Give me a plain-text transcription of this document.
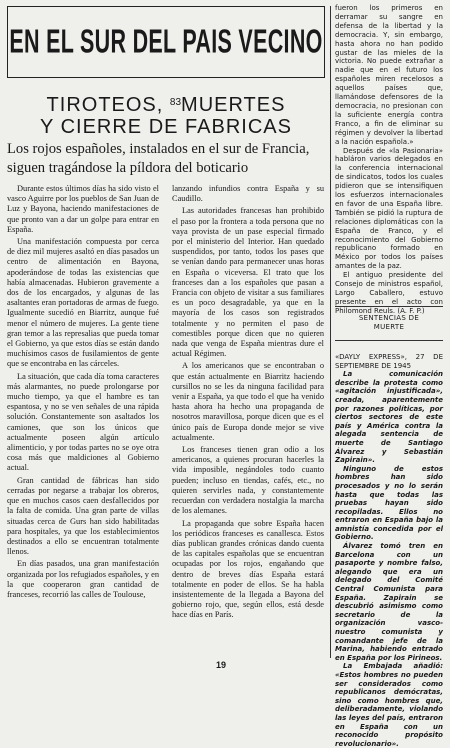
EN EL SUR DEL PAIS VECINO
TIROTEOS, $^{83}$MUERTES
Y CIERRE DE FABRICAS
Los rojos españoles, instalados en el sur de Francia, siguen tragándose la píldora del boticario

Durante estos últimos días ha sido visto el vasco Aguirre por los pueblos de San Juan de Luz y Bayona, haciendo manifestaciones de que pronto van a dar un golpe para entrar en España.

Una manifestación compuesta por cerca de diez mil mujeres asaltó en días pasados un centro de alimentación en Bayona, apoderándose de todas las existencias que había almacenadas. Hubieron gravemente a dos de los encargados, y algunas de las asaltantes eran portadoras de armas de fuego. Igualmente sucedió en Biarritz, aunque fué menor el número de mujeres. La gente tiene gran temor a las represalias que pueda tomar el Gobierno, ya que estos días se están dando muchísimos casos de fusilamientos de gente que se encontraba en las cárceles.

La situación, que cada día toma caracteres más alarmantes, no puede prolongarse por mucho tiempo, ya que el hambre es tan espantosa, y no se ven señales de una rápida solución. Constantemente son asaltados los camiones, que son los únicos que actualmente poseen algún artículo alimenticio, y por todas partes no se oye otra cosa más que maldiciones al Gobierno actual.

Gran cantidad de fábricas han sido cerradas por negarse a trabajar los obreros, que en muchos casos caen desfallecidos por la falta de comida. Una gran parte de villas situadas cerca de Gurs han sido habilitadas para hospitales, ya que los establecimientos destinados a ello se encuentran totalmente llenos.

En días pasados, una gran manifestación organizada por los refugiados españoles, y en la que cooperaron gran cantidad de franceses, recorrió las calles de Toulouse,

lanzando infundios contra España y su Caudillo.

Las autoridades francesas han prohibido el paso por la frontera a toda persona que no vaya provista de un pase especial firmado por el ministerio del Interior. Han quedado suspendidos, por tanto, todos los pases que se venían dando para permanecer unas horas en España o viceversa. El trato que los franceses dan a los españoles que pasan a Francia con objeto de visitar a sus familiares es un poco desagradable, ya que en la mayoría de los casos son registrados totalmente y no permiten el paso de comestibles porque dicen que no quieren nada que venga de España mientras dure el actual Régimen.

A los americanos que se encontraban o que están actualmente en Biarritz haciendo cursillos no se les da ninguna facilidad para venir a España, ya que todo el que ha venido hasta ahora ha hecho una propaganda de nosotros maravillosa, porque dicen que es el único país de Europa donde mejor se vive actualmente.

Los franceses tienen gran odio a los americanos, a quienes procuran hacerles la vida imposible, negándoles todo cuanto pueden; incluso en tiendas, cafés, etc., no quieren servirles nada, y constantemente recuerdan con verdadera nostalgia la marcha de los alemanes.

La propaganda que sobre España hacen los periódicos franceses es canallesca. Estos días publican grandes crónicas dando cuenta de las capitales españolas que se encuentran ocupadas por los rojos, engañando que dentro de breves días España estará totalmente en poder de ellos. Se ha habla insistentemente de la llegada a Bayona del gobierno rojo, que, según ellos, está desde hace días en París.

fueron los primeros en derramar su sangre en defensa de la libertad y la democracia. Y, sin embargo, hasta ahora no han podido gustar de las mieles de la victoria. No puede extrañar a nadie que en el futuro los españoles miren recelosos a aquellos países que, llamándose defensores de la democracia, no presionan con la suficiente energía contra Franco, a fin de eliminar su régimen y devolver la libertad a la nación española.»

Después de «la Pasionaria» habláron varios delegados en la conferencia internacional de sindicatos, todos los cuales pidieron que se intensifiquen los esfuerzos internacionales en favor de una España libre. También se pidió la ruptura de relaciones diplomáticas con la España de Franco, y el reconocimiento del Gobierno republicano formado en México por todos los países amantes de la paz.

El antiguo presidente del Consejo de ministros español, Largo Caballero, estuvo presente en el acto con Philomond Reuls. (A. F. P.)

SENTENCIAS DE
MUERTE

«DAYLY EXPRESS», 27 DE SEPTIEMBRE DE 1945

La comunicación describe la protesta como «agitación injustificada», creada, aparentemente por razones políticas, por ciertos sectores de este país y América contra la alegada sentencia de muerte de Santiago Álvarez y Sebastián Zapirain».

Ninguno de estos hombres han sido procesados y no lo serán hasta que todas las pruebas hayan sido recopiladas. Ellos no entraron en España bajo la amnistía concedida por el Gobierno.

Álvarez tomó tren en Barcelona con un pasaporte y nombre falso, alegando que era un delegado del Comité Central Comunista para España. Zapirain se descubrió asimismo como secretario de la organización vasco-nuestro comunista y comandante jefe de la Marina, habiendo entrado en España por los Pirineos.

La Embajada añadió: «Estos hombres no pueden ser considerados como republicanos demócratas, sino como hombres que, deliberadamente, violando las leyes del país, entraron en España con un reconocido propósito revolucionario».

19
